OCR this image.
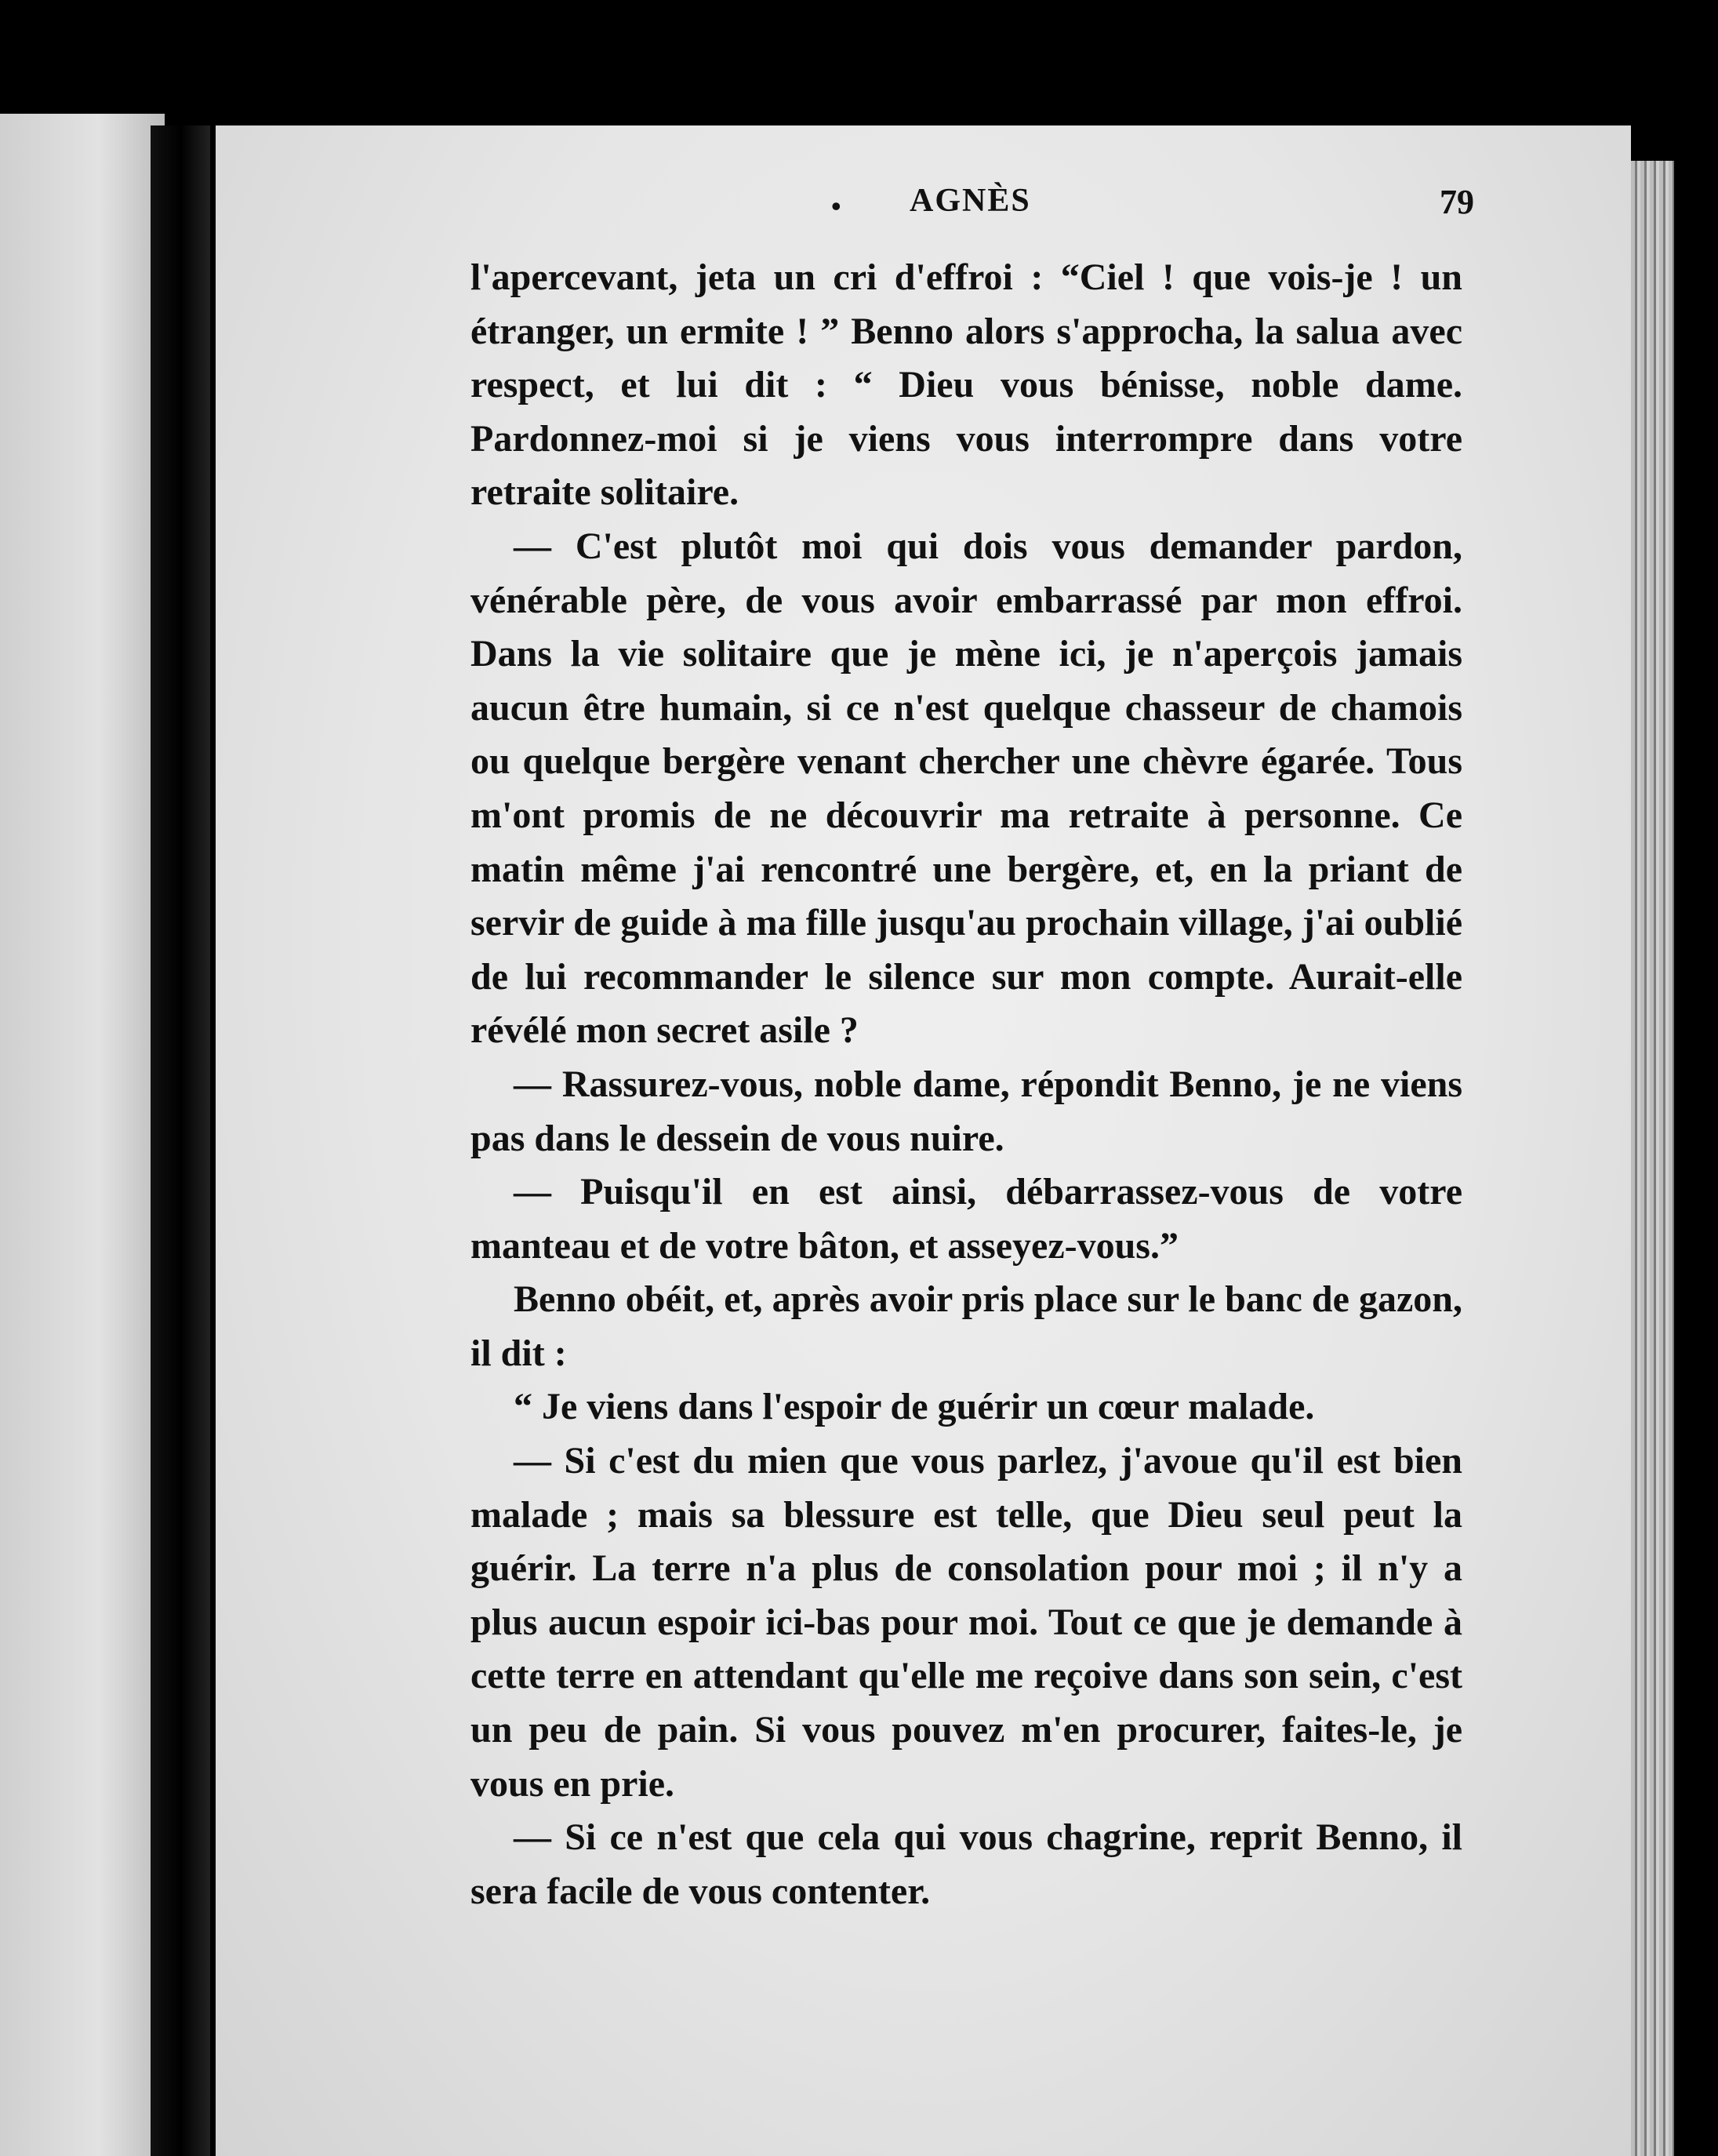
• AGNÈS	79

l'apercevant, jeta un cri d'effroi : “Ciel ! que vois-je ! un étranger, un ermite ! ” Benno alors s'approcha, la salua avec respect, et lui dit : “ Dieu vous bénisse, noble dame. Pardonnez-moi si je viens vous interrompre dans votre retraite solitaire.

— C'est plutôt moi qui dois vous demander pardon, vénérable père, de vous avoir embarrassé par mon effroi. Dans la vie solitaire que je mène ici, je n'aperçois jamais aucun être humain, si ce n'est quelque chasseur de chamois ou quelque bergère venant chercher une chèvre égarée. Tous m'ont promis de ne découvrir ma retraite à personne. Ce matin même j'ai rencontré une bergère, et, en la priant de servir de guide à ma fille jusqu'au prochain village, j'ai oublié de lui recommander le silence sur mon compte. Aurait-elle révélé mon secret asile ?

— Rassurez-vous, noble dame, répondit Benno, je ne viens pas dans le dessein de vous nuire.

— Puisqu'il en est ainsi, débarrassez-vous de votre manteau et de votre bâton, et asseyez-vous.”

Benno obéit, et, après avoir pris place sur le banc de gazon, il dit :

“ Je viens dans l'espoir de guérir un cœur malade.

— Si c'est du mien que vous parlez, j'avoue qu'il est bien malade ; mais sa blessure est telle, que Dieu seul peut la guérir. La terre n'a plus de consolation pour moi ; il n'y a plus aucun espoir ici-bas pour moi. Tout ce que je demande à cette terre en attendant qu'elle me reçoive dans son sein, c'est un peu de pain. Si vous pouvez m'en procurer, faites-le, je vous en prie.

— Si ce n'est que cela qui vous chagrine, reprit Benno, il sera facile de vous contenter.
